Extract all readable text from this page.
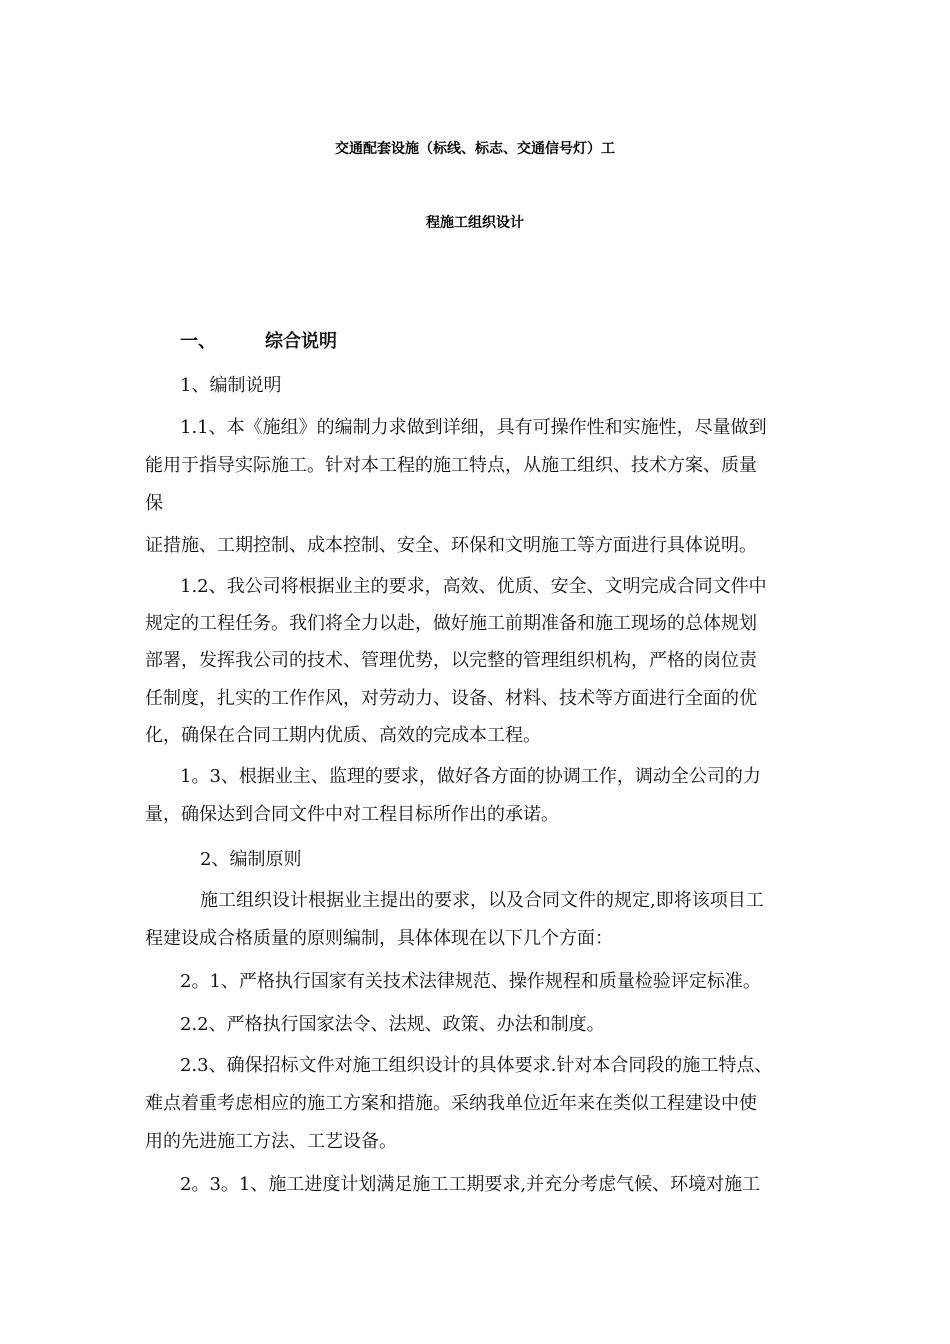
交通配套设施（标线、标志、交通信号灯）工
程施工组织设计
一、	综合说明
1、编制说明
1.1、本《施组》的编制力求做到详细，具有可操作性和实施性，尽量做到
能用于指导实际施工。针对本工程的施工特点，从施工组织、技术方案、质量
保
证措施、工期控制、成本控制、安全、环保和文明施工等方面进行具体说明。
1.2、我公司将根据业主的要求，高效、优质、安全、文明完成合同文件中
规定的工程任务。我们将全力以赴，做好施工前期准备和施工现场的总体规划
部署，发挥我公司的技术、管理优势，以完整的管理组织机构，严格的岗位责
任制度，扎实的工作作风，对劳动力、设备、材料、技术等方面进行全面的优
化，确保在合同工期内优质、高效的完成本工程。
1。3、根据业主、监理的要求，做好各方面的协调工作，调动全公司的力
量，确保达到合同文件中对工程目标所作出的承诺。
2、编制原则
施工组织设计根据业主提出的要求，以及合同文件的规定,即将该项目工
程建设成合格质量的原则编制，具体体现在以下几个方面：
2。1、严格执行国家有关技术法律规范、操作规程和质量检验评定标准。
2.2、严格执行国家法令、法规、政策、办法和制度。
2.3、确保招标文件对施工组织设计的具体要求.针对本合同段的施工特点、
难点着重考虑相应的施工方案和措施。采纳我单位近年来在类似工程建设中使
用的先进施工方法、工艺设备。
2。3。1、施工进度计划满足施工工期要求,并充分考虑气候、环境对施工
